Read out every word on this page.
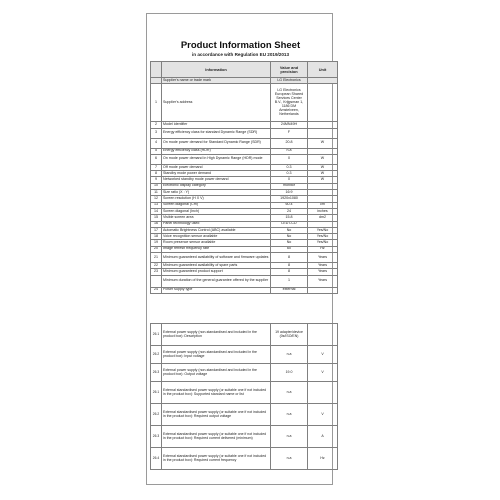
Product Information Sheet
in accordance with Regulation EU 2019/2013
	Information	Value and precision	Unit
	Supplier's name or trade mark	LG Electronics	
1	Supplier's address	LG Electronics European Shared Services Center B.V., Krijgsman 1, 1186 DM Amstelveen, Netherlands	
2	Model identifier	24MN49H	
3	Energy efficiency class for standard Dynamic Range (SDR)	F	
4	On mode power demand for Standard Dynamic Range (SDR)	20.8	W
5	Energy efficiency class (HDR)	n.a	
6	On mode power demand in High Dynamic Range (HDR) mode	0	W
7	Off mode power demand	0.3	W
8	Standby mode power demand	0.3	W
9	Networked standby mode power demand	0	W
10	Electronic display category	monitor	
11	Size ratio (X : Y)	16:9	
12	Screen resolution (H X V)	1920x1080	
13	Screen diagonal (Cm)	60.4	cm
14	Screen diagonal (Inch)	24	inches
15	Visible screen area	15.8	dm2
16	Panel technology used	LED LCD	
17	Automatic Brightness Control (ABC) available	No	Yes/No
18	Voice recognition sensor available	No	Yes/No
19	Room presence sensor available	No	Yes/No
20	Image refresh frequency rate	60	Hz
21	Minimum guaranteed availability of software and firmware updates	8	Years
22	Minimum guaranteed availability of spare parts	8	Years
23	Minimum guaranteed product support	8	Years
	Minimum duration of the general guarantee offered by the supplier	1	Years
24	Power supply type	external	
26.1	External power supply (non-standardised and included in the product box): Description	19 adapter/device (0s/ISO/EN)	
26.2	External power supply (non-standardised and included in the product box): Input voltage	n.a	V
26.3	External power supply (non-standardised and included in the product box): Output voltage	19.0	V
26.1	External standardised power supply (or suitable one if not included in the product box): Supported standard name or list	n.a	
26.2	External standardised power supply (or suitable one if not included in the product box): Required output voltage	n.a	V
26.3	External standardised power supply (or suitable one if not included in the product box): Required current delivered (minimum)	n.a	A
26.4	External standardised power supply (or suitable one if not included in the product box): Required current frequency	n.a	Hz
